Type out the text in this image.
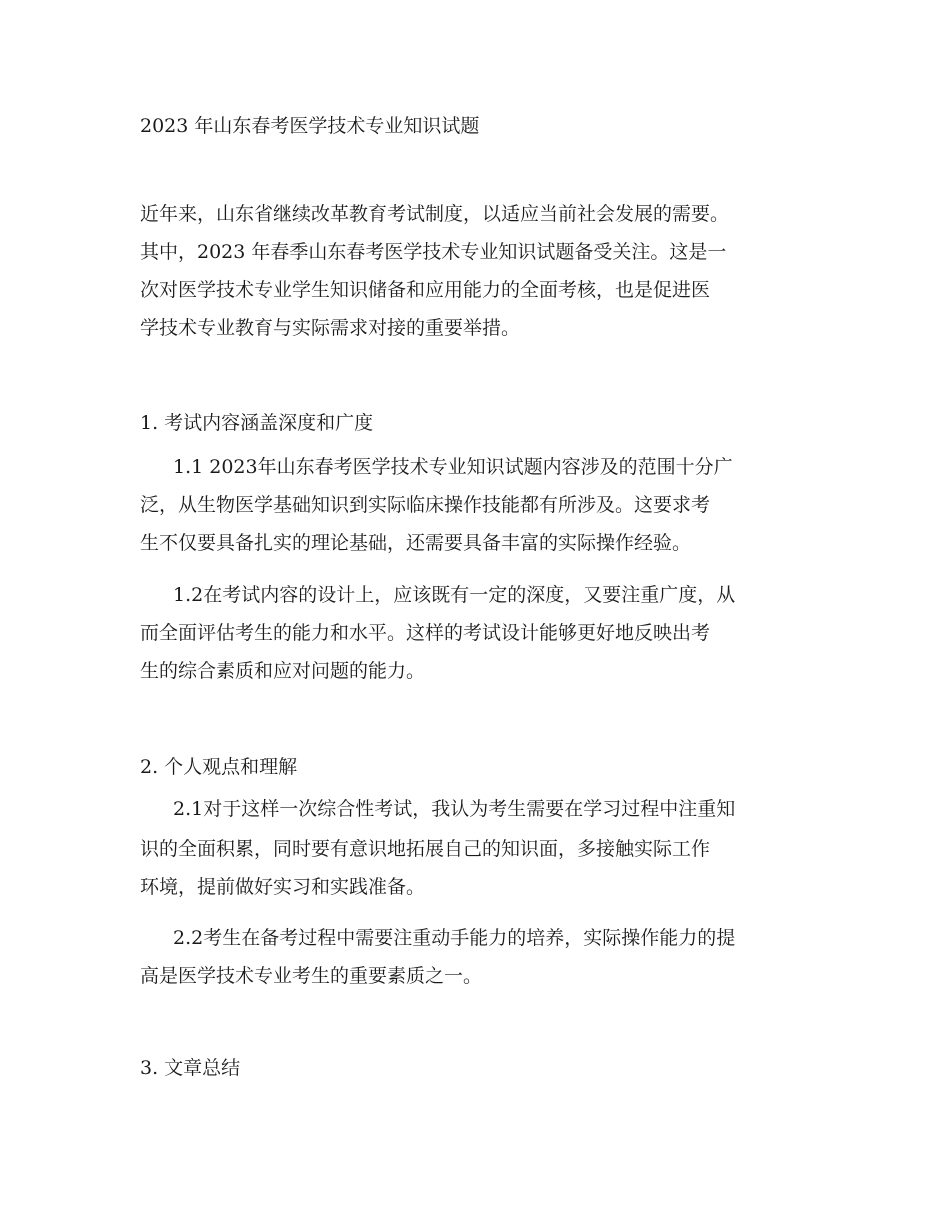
2023 年山东春考医学技术专业知识试题
近年来，山东省继续改革教育考试制度，以适应当前社会发展的需要。
其中，2023 年春季山东春考医学技术专业知识试题备受关注。这是一
次对医学技术专业学生知识储备和应用能力的全面考核，也是促进医
学技术专业教育与实际需求对接的重要举措。
1. 考试内容涵盖深度和广度
1.1 2023年山东春考医学技术专业知识试题内容涉及的范围十分广
泛，从生物医学基础知识到实际临床操作技能都有所涉及。这要求考
生不仅要具备扎实的理论基础，还需要具备丰富的实际操作经验。
1.2在考试内容的设计上，应该既有一定的深度，又要注重广度，从
而全面评估考生的能力和水平。这样的考试设计能够更好地反映出考
生的综合素质和应对问题的能力。
2. 个人观点和理解
2.1对于这样一次综合性考试，我认为考生需要在学习过程中注重知
识的全面积累，同时要有意识地拓展自己的知识面，多接触实际工作
环境，提前做好实习和实践准备。
2.2考生在备考过程中需要注重动手能力的培养，实际操作能力的提
高是医学技术专业考生的重要素质之一。
3. 文章总结
